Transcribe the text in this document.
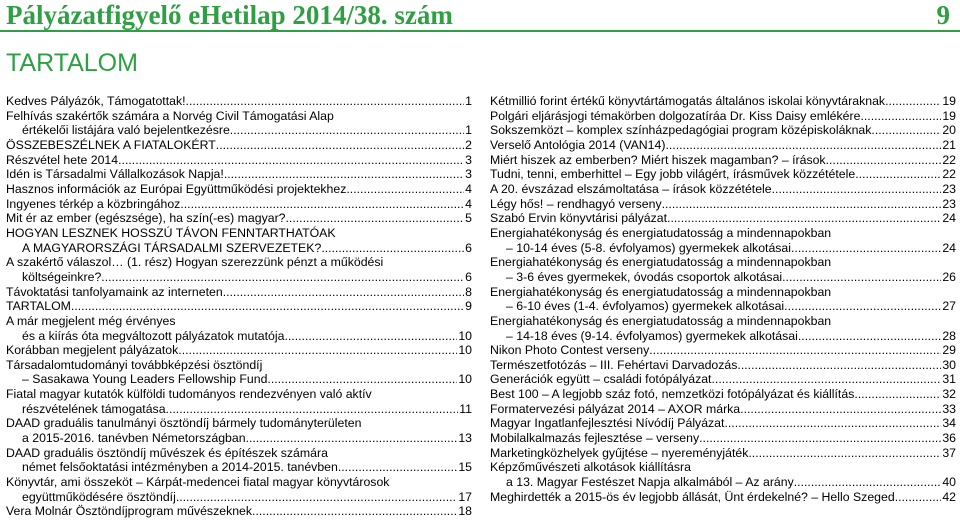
Pályázatfigyelő eHetilap 2014/38. szám	9
TARTALOM
Kedves Pályázók, Támogatottak! .....	1
Felhívás szakértők számára a Norvég Civil Támogatási Alap
értékelői listájára való bejelentkezésre .....	1
ÖSSZEBESZÉLNEK A FIATALOKÉRT .....	2
Részvétel hete 2014 .....	3
Idén is Társadalmi Vállalkozások Napja! .....	3
Hasznos információk az Európai Együttműködési projektekhez .....	4
Ingyenes térkép a közbringához .....	4
Mit ér az ember (egészsége), ha szín(-es) magyar? .....	5
HOGYAN LESZNEK HOSSZÚ TÁVON FENNTARTHATÓAK
A MAGYARORSZÁGI TÁRSADALMI SZERVEZETEK? .....	6
A szakértő válaszol… (1. rész) Hogyan szerezzünk pénzt a működési
költségeinkre? .....	6
Távoktatási tanfolyamaink az interneten .....	8
TARTALOM .....	9
A már megjelent még érvényes
és a kiírás óta megváltozott pályázatok mutatója .....	10
Korábban megjelent pályázatok .....	10
Társadalomtudományi továbbképzési ösztöndíj
– Sasakawa Young Leaders Fellowship Fund .....	10
Fiatal magyar kutatók külföldi tudományos rendezvényen való aktív
részvételének támogatása .....	11
DAAD graduális tanulmányi ösztöndíj bármely tudományterületen
a 2015-2016. tanévben Németországban .....	13
DAAD graduális ösztöndíj művészek és építészek számára
német felsőoktatási intézményben a 2014-2015. tanévben .....	15
Könyvtár, ami összeköt – Kárpát-medencei fiatal magyar könyvtárosok
együttműködésére ösztöndíj .....	17
Vera Molnár Ösztöndíjprogram művészeknek .....	18
Kétmillió forint értékű könyvtártámogatás általános iskolai könyvtáraknak .....	19
Polgári eljárásjogi témakörben dolgozatíráa Dr. Kiss Daisy emlékére .....	19
Sokszemközt – komplex színházpedagógiai program középiskoláknak .....	20
Verselő Antológia 2014 (VAN14) .....	21
Miért hiszek az emberben? Miért hiszek magamban? – írások .....	22
Tudni, tenni, emberhittel – Egy jobb világért, írásművek közzététele .....	22
A 20. évszázad elszámoltatása – írások közzététele .....	23
Légy hős! – rendhagyó verseny .....	23
Szabó Ervin könyvtárisi pályázat .....	24
Energiahatékonyság és energiatudatosság a mindennapokban
– 10-14 éves (5-8. évfolyamos) gyermekek alkotásai .....	24
Energiahatékonyság és energiatudatosság a mindennapokban
– 3-6 éves gyermekek, óvodás csoportok alkotásai .....	26
Energiahatékonyság és energiatudatosság a mindennapokban
– 6-10 éves (1-4. évfolyamos) gyermekek alkotásai .....	27
Energiahatékonyság és energiatudatosság a mindennapokban
– 14-18 éves (9-14. évfolyamos) gyermekek alkotásai .....	28
Nikon Photo Contest verseny .....	29
Természetfotózás – III. Fehértavi Darvadozás .....	30
Generációk együtt – családi fotópályázat .....	31
Best 100 – A legjobb száz fotó, nemzetközi fotópályázat és kiállítás .....	32
Formatervezési pályázat 2014 – AXOR márka .....	33
Magyar Ingatlanfejlesztési Nívódíj Pályázat .....	34
Mobilalkalmazás fejlesztése – verseny .....	36
Marketingközhelyek gyűjtése – nyereményjáték .....	37
Képzőművészeti alkotások kiállításra
a 13. Magyar Festészet Napja alkalmából – Az arány .....	40
Meghirdették a 2015-ös év legjobb állását, Ünt érdekelné? – Hello Szeged .....	42
